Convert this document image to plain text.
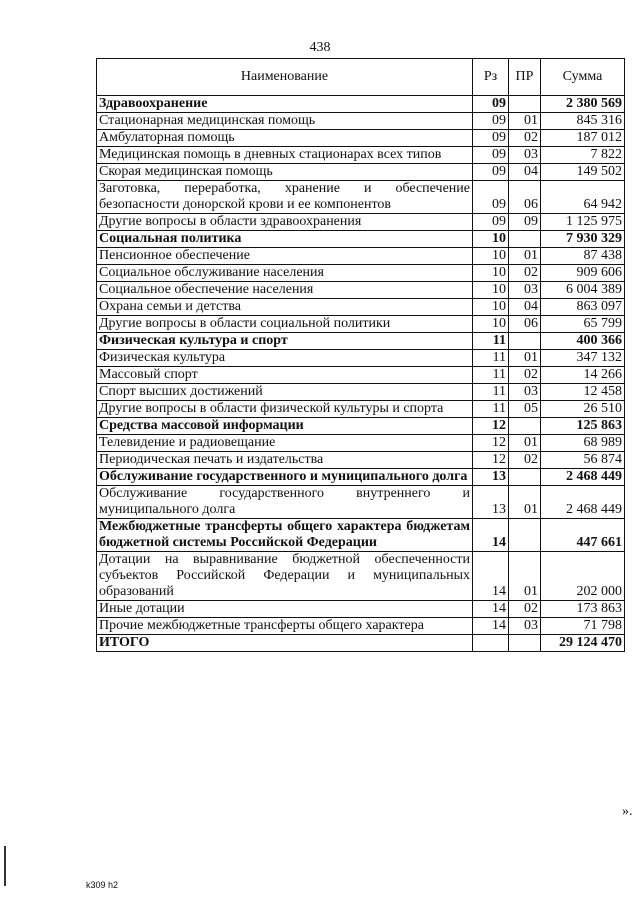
438
Наименование	Рз	ПР	Сумма
Здравоохранение	09		2 380 569
Стационарная медицинская помощь	09	01	845 316
Амбулаторная помощь	09	02	187 012
Медицинская помощь в дневных стационарах всех типов	09	03	7 822
Скорая медицинская помощь	09	04	149 502
Заготовка, переработка, хранение и обеспечение безопасности донорской крови и ее компонентов	09	06	64 942
Другие вопросы в области здравоохранения	09	09	1 125 975
Социальная политика	10		7 930 329
Пенсионное обеспечение	10	01	87 438
Социальное обслуживание населения	10	02	909 606
Социальное обеспечение населения	10	03	6 004 389
Охрана семьи и детства	10	04	863 097
Другие вопросы в области социальной политики	10	06	65 799
Физическая культура и спорт	11		400 366
Физическая культура	11	01	347 132
Массовый спорт	11	02	14 266
Спорт высших достижений	11	03	12 458
Другие вопросы в области физической культуры и спорта	11	05	26 510
Средства массовой информации	12		125 863
Телевидение и радиовещание	12	01	68 989
Периодическая печать и издательства	12	02	56 874
Обслуживание государственного и муниципального долга	13		2 468 449
Обслуживание государственного внутреннего и муниципального долга	13	01	2 468 449
Межбюджетные трансферты общего характера бюджетам бюджетной системы Российской Федерации	14		447 661
Дотации на выравнивание бюджетной обеспеченности субъектов Российской Федерации и муниципальных образований	14	01	202 000
Иные дотации	14	02	173 863
Прочие межбюджетные трансферты общего характера	14	03	71 798
ИТОГО			29 124 470
».
k309 h2
